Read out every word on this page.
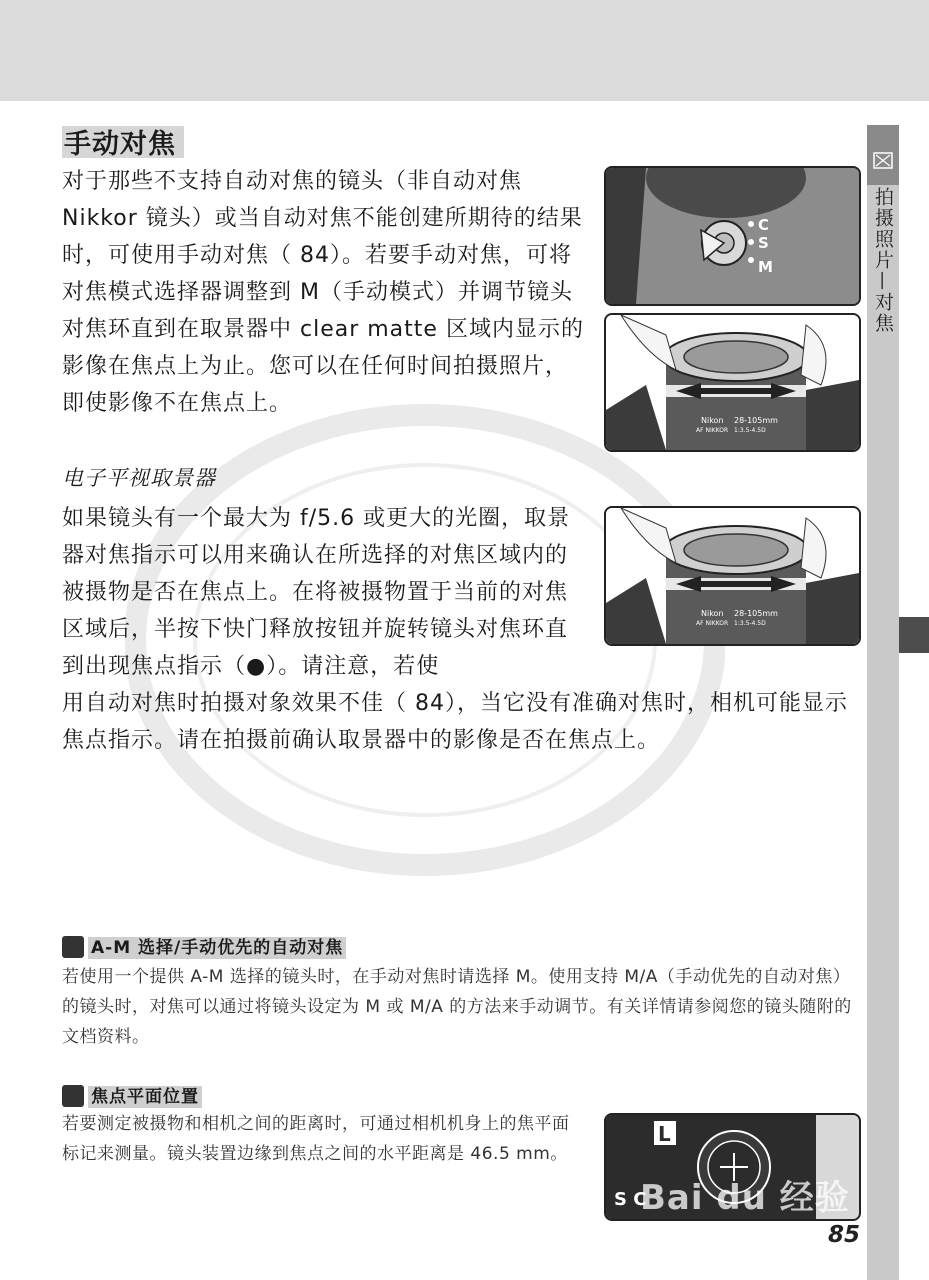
拍摄照片—对焦
手动对焦

对于那些不支持自动对焦的镜头（非自动对焦 Nikkor 镜头）或当自动对焦不能创建所期待的结果时，可使用手动对焦（ 84）。若要手动对焦，可将对焦模式选择器调整到 M（手动模式）并调节镜头对焦环直到在取景器中 clear matte 区域内显示的影像在焦点上为止。您可以在任何时间拍摄照片，即使影像不在焦点上。

电子平视取景器

如果镜头有一个最大为 f/5.6 或更大的光圈，取景器对焦指示可以用来确认在所选择的对焦区域内的被摄物是否在焦点上。在将被摄物置于当前的对焦区域后，半按下快门释放按钮并旋转镜头对焦环直到出现焦点指示（●）。请注意，若使

用自动对焦时拍摄对象效果不佳（ 84），当它没有准确对焦时，相机可能显示焦点指示。请在拍摄前确认取景器中的影像是否在焦点上。

C
S
M
Nikon
AF NIKKOR
28-105mm
1:3.5-4.5D
Nikon
AF NIKKOR
28-105mm
1:3.5-4.5D
A-M 选择/手动优先的自动对焦

若使用一个提供 A-M 选择的镜头时，在手动对焦时请选择 M。使用支持 M/A（手动优先的自动对焦）的镜头时，对焦可以通过将镜头设定为 M 或 M/A 的方法来手动调节。有关详情请参阅您的镜头随附的文档资料。

焦点平面位置

若要测定被摄物和相机之间的距离时，可通过相机机身上的焦平面标记来测量。镜头装置边缘到焦点之间的水平距离是 46.5 mm。

L
S C
Bai du 经验
jingyan.baidu.com 85
